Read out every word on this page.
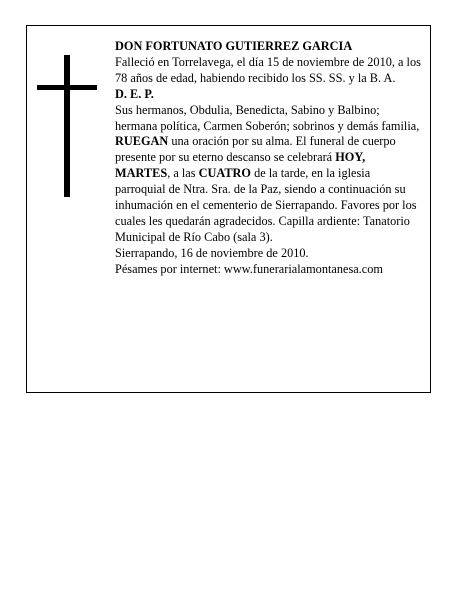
DON FORTUNATO GUTIERREZ GARCIA

Falleció en Torrelavega, el día 15 de noviembre de 2010, a los 78 años de edad, habiendo recibido los SS. SS. y la B. A.

D. E. P.

Sus hermanos, Obdulia, Benedicta, Sabino y Balbino; hermana política, Carmen Soberón; sobrinos y demás familia,

RUEGAN una oración por su alma. El funeral de cuerpo presente por su eterno descanso se celebrará HOY, MARTES, a las CUATRO de la tarde, en la iglesia parroquial de Ntra. Sra. de la Paz, siendo a continuación su inhumación en el cementerio de Sierrapando. Favores por los cuales les quedarán agradecidos. Capilla ardiente: Tanatorio Municipal de Río Cabo (sala 3).

Sierrapando, 16 de noviembre de 2010.

Pésames por internet: www.funerarialamontanesa.com
